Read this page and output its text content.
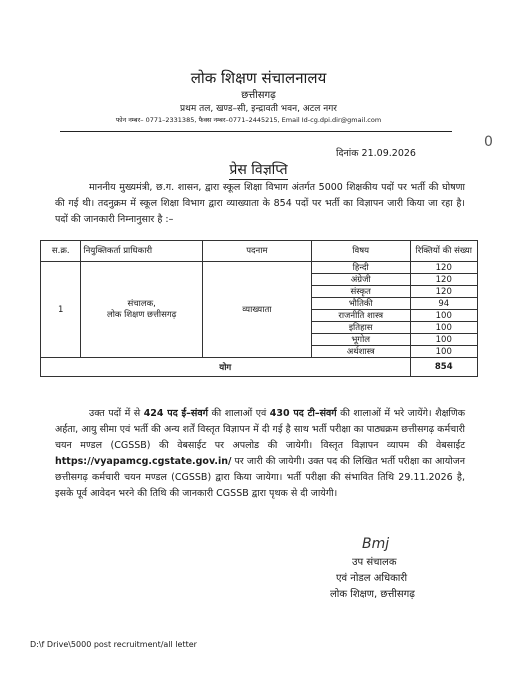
लोक शिक्षण संचालनालय
छत्तीसगढ़
प्रथम तल, खण्ड–सी, इन्द्रावती भवन, अटल नगर
फोन नम्बर– 0771–2331385, फैक्स नम्बर–0771–2445215, Email Id-cg.dpi.dir@gmail.com
0
दिनांक 21.09.2026
प्रेस विज्ञप्ति
माननीय मुख्यमंत्री, छ.ग. शासन, द्वारा स्कूल शिक्षा विभाग अंतर्गत 5000 शिक्षकीय पदों पर भर्ती की घोषणा की गई थी। तदनुक्रम में स्कूल शिक्षा विभाग द्वारा व्याख्याता के 854 पदों पर भर्ती का विज्ञापन जारी किया जा रहा है। पदों की जानकारी निम्नानुसार है :–
स.क्र.	नियुक्तिकर्ता प्राधिकारी	पदनाम	विषय	रिक्तियों की संख्या
1	संचालक,
लोक शिक्षण छत्तीसगढ़	व्याख्याता	हिन्दी	120
			अंग्रेजी	120
			संस्कृत	120
			भौतिकी	94
			राजनीति शास्त्र	100
			इतिहास	100
			भूगोल	100
			अर्थशास्त्र	100
योग				854
उक्त पदों में से 424 पद ई–संवर्ग की शालाओं एवं 430 पद टी–संवर्ग की शालाओं में भरे जायेंगे। शैक्षणिक अर्हता, आयु सीमा एवं भर्ती की अन्य शर्तें विस्तृत विज्ञापन में दी गई है साथ भर्ती परीक्षा का पाठ्यक्रम छत्तीसगढ़ कर्मचारी चयन मण्डल (CGSSB) की वेबसाईट पर अपलोड की जायेगी। विस्तृत विज्ञापन व्यापम की वेबसाईट https://vyapamcg.cgstate.gov.in/ पर जारी की जायेगी। उक्त पद की लिखित भर्ती परीक्षा का आयोजन छत्तीसगढ़ कर्मचारी चयन मण्डल (CGSSB) द्वारा किया जायेगा। भर्ती परीक्षा की संभावित तिथि 29.11.2026 है, इसके पूर्व आवेदन भरने की तिथि की जानकारी CGSSB द्वारा पृथक से दी जायेगी।
Bmj
उप संचालक
एवं नोडल अधिकारी
लोक शिक्षण, छत्तीसगढ़
D:\f Drive\5000 post recruitment/all letter
